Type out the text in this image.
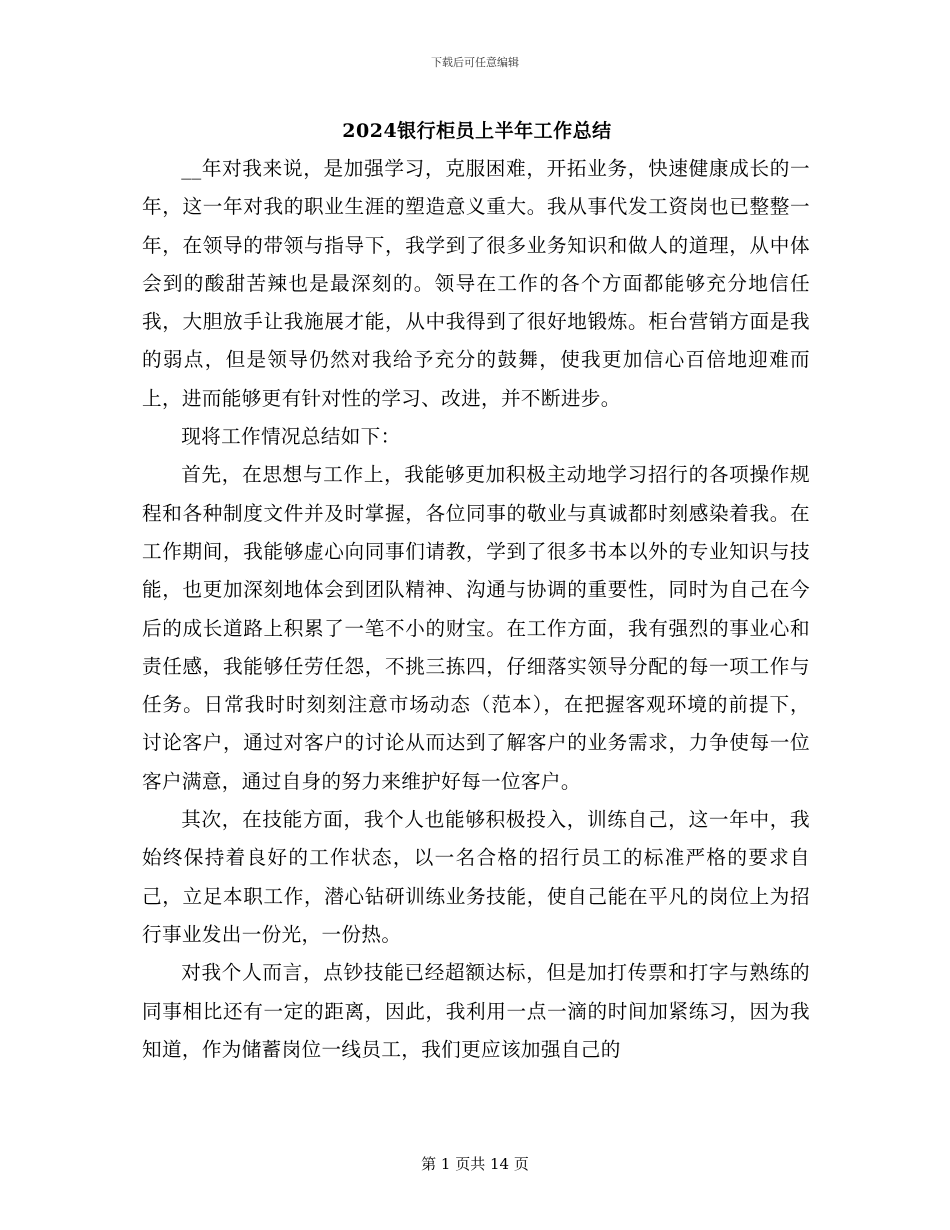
下载后可任意编辑
2024银行柜员上半年工作总结

__年对我来说，是加强学习，克服困难，开拓业务，快速健康成长的一年，这一年对我的职业生涯的塑造意义重大。我从事代发工资岗也已整整一年，在领导的带领与指导下，我学到了很多业务知识和做人的道理，从中体会到的酸甜苦辣也是最深刻的。领导在工作的各个方面都能够充分地信任我，大胆放手让我施展才能，从中我得到了很好地锻炼。柜台营销方面是我的弱点，但是领导仍然对我给予充分的鼓舞，使我更加信心百倍地迎难而上，进而能够更有针对性的学习、改进，并不断进步。

现将工作情况总结如下：

首先，在思想与工作上，我能够更加积极主动地学习招行的各项操作规程和各种制度文件并及时掌握，各位同事的敬业与真诚都时刻感染着我。在工作期间，我能够虚心向同事们请教，学到了很多书本以外的专业知识与技能，也更加深刻地体会到团队精神、沟通与协调的重要性，同时为自己在今后的成长道路上积累了一笔不小的财宝。在工作方面，我有强烈的事业心和责任感，我能够任劳任怨，不挑三拣四，仔细落实领导分配的每一项工作与任务。日常我时时刻刻注意市场动态（范本），在把握客观环境的前提下，讨论客户，通过对客户的讨论从而达到了解客户的业务需求，力争使每一位客户满意，通过自身的努力来维护好每一位客户。

其次，在技能方面，我个人也能够积极投入，训练自己，这一年中，我始终保持着良好的工作状态，以一名合格的招行员工的标准严格的要求自己，立足本职工作，潜心钻研训练业务技能，使自己能在平凡的岗位上为招行事业发出一份光，一份热。

对我个人而言，点钞技能已经超额达标，但是加打传票和打字与熟练的同事相比还有一定的距离，因此，我利用一点一滴的时间加紧练习，因为我知道，作为储蓄岗位一线员工，我们更应该加强自己的

第 1 页共 14 页
